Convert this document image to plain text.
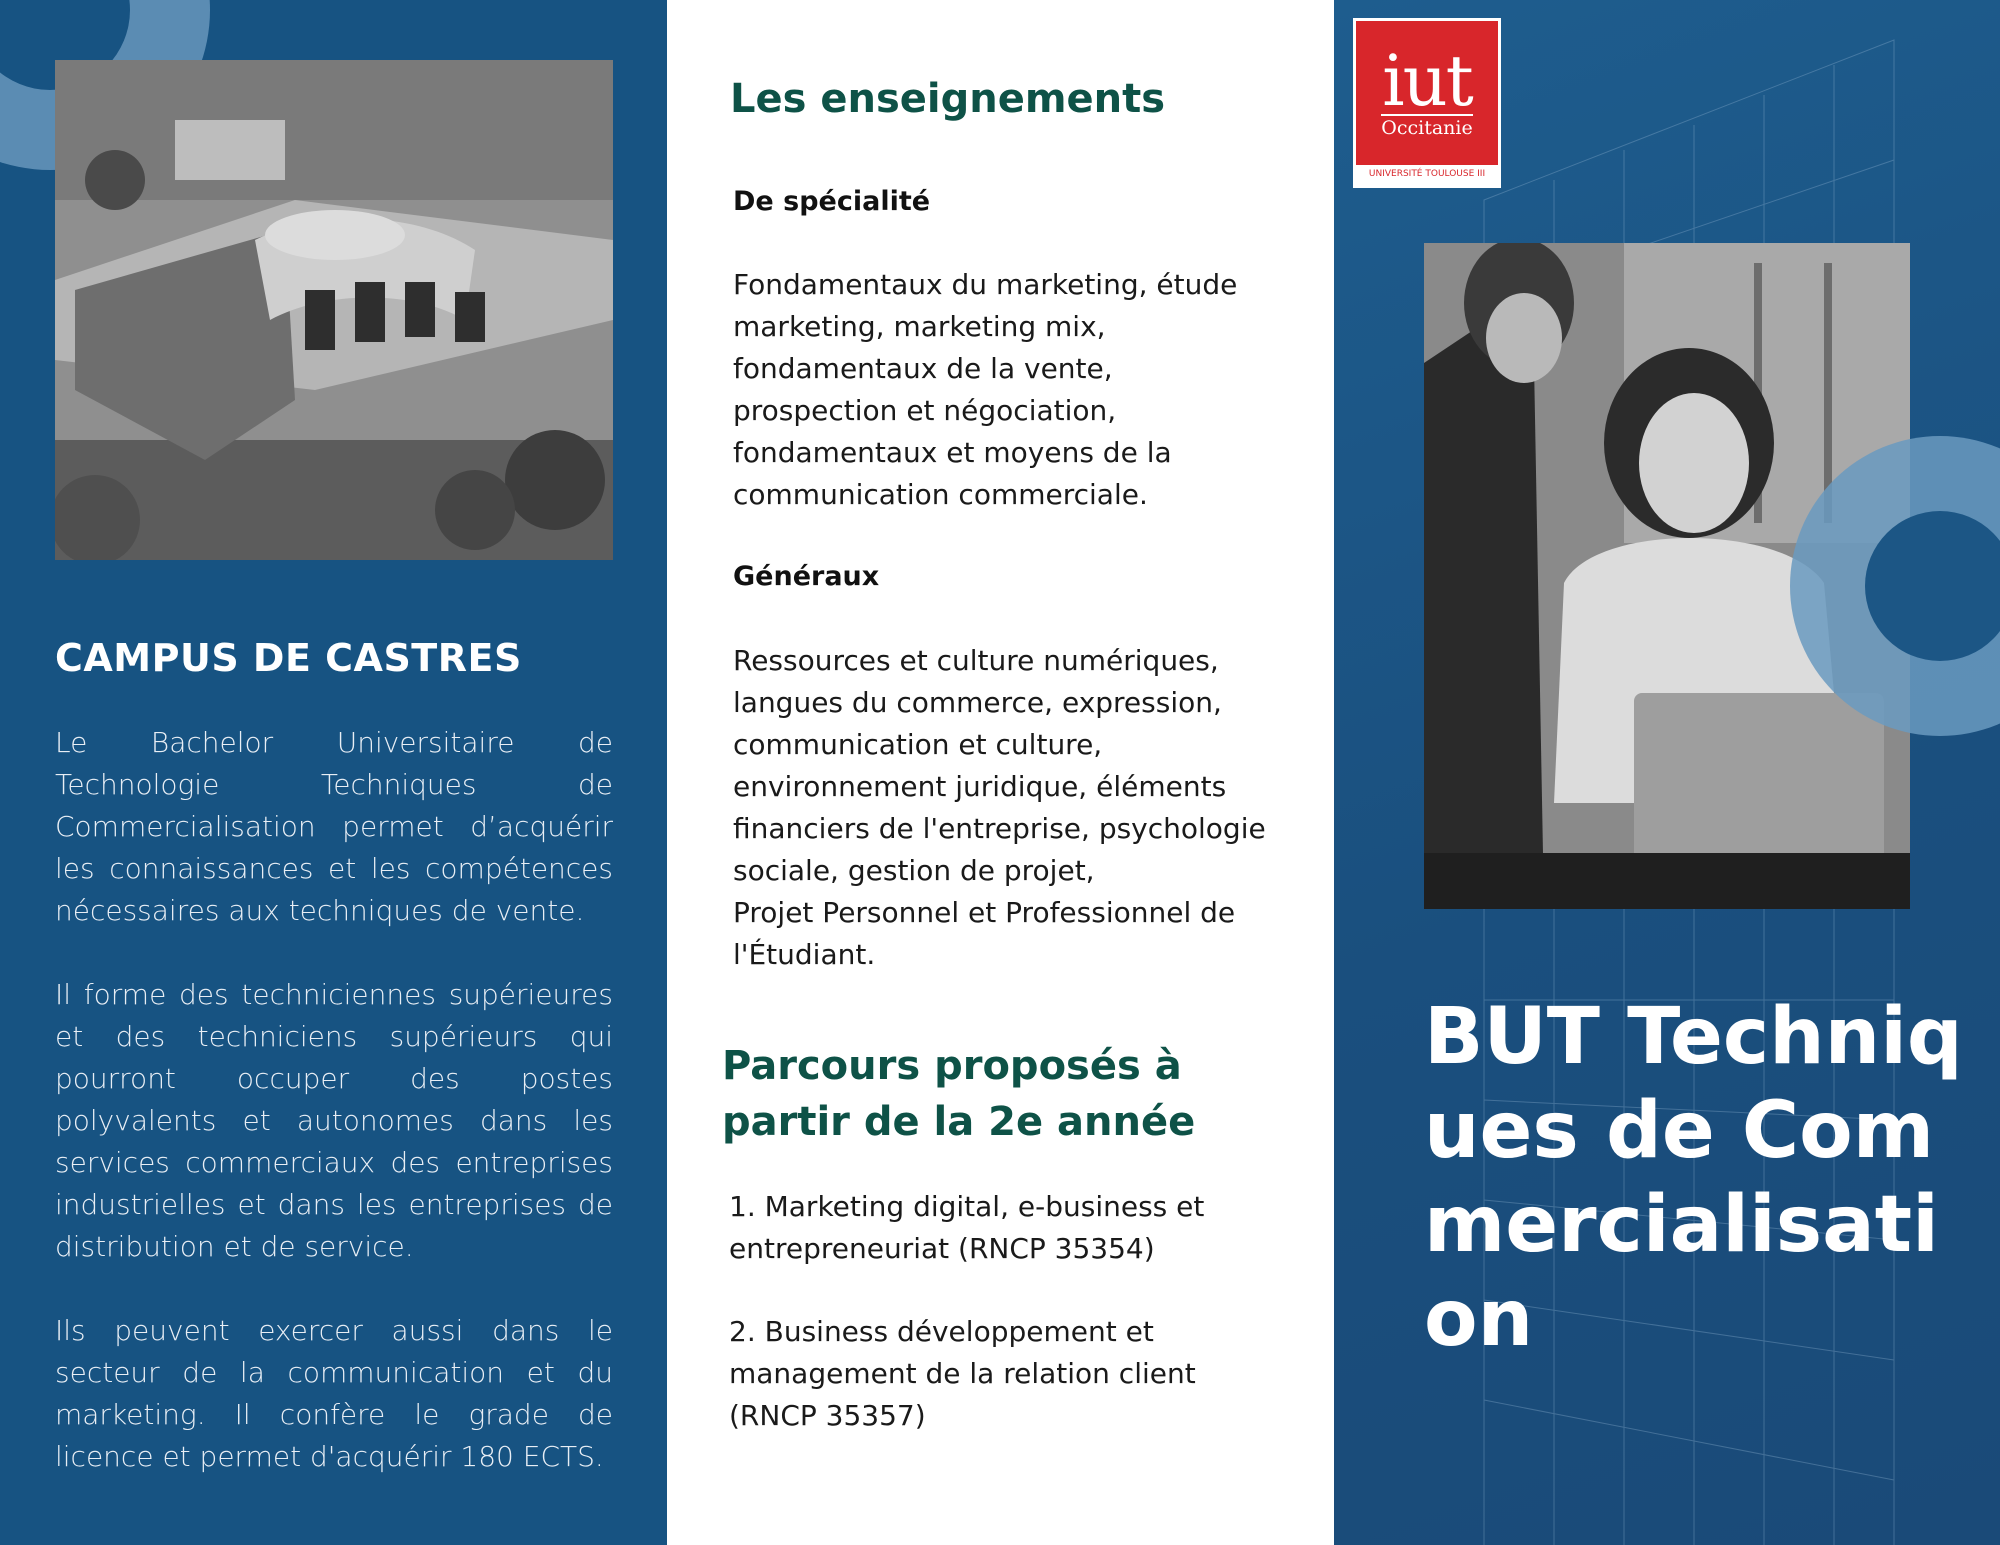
CAMPUS DE CASTRES

Le Bachelor Universitaire de Technologie Techniques de Commercialisation permet d’acquérir les connaissances et les compétences nécessaires aux techniques de vente.

Il forme des techniciennes supérieures et des techniciens supérieurs qui pourront occuper des postes polyvalents et autonomes dans les services commerciaux des entreprises industrielles et dans les entreprises de distribution et de service.

Ils peuvent exercer aussi dans le secteur de la communication et du marketing. Il confère le grade de licence et permet d'acquérir 180 ECTS.

Les enseignements
De spécialité
Fondamentaux du marketing, étude marketing, marketing mix, fondamentaux de la vente, prospection et négociation, fondamentaux et moyens de la communication commerciale.
Généraux
Ressources et culture numériques, langues du commerce, expression, communication et culture, environnement juridique, éléments financiers de l'entreprise, psychologie sociale, gestion de projet,
Projet Personnel et Professionnel de l'Étudiant.
Parcours proposés à partir de la 2e année
1. Marketing digital, e-business et entrepreneuriat (RNCP 35354)
2. Business développement et management de la relation client (RNCP 35357)
iut
Occitanie
UNIVERSITÉ TOULOUSE III
BUT Techniques de Commercialisation
